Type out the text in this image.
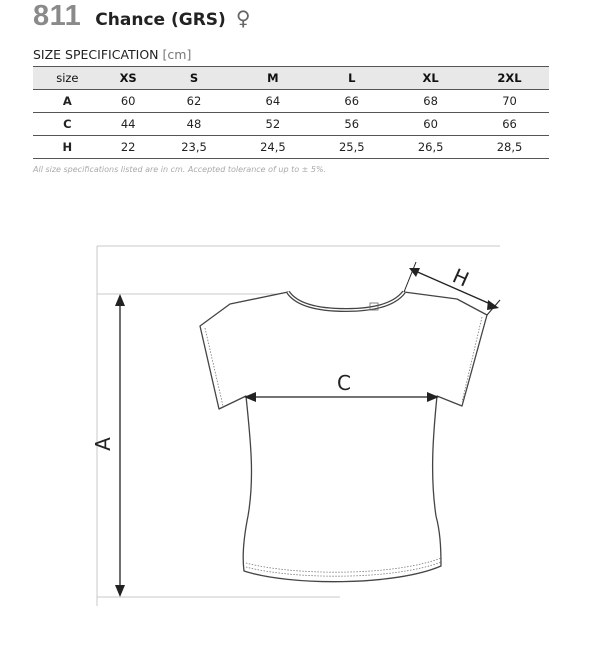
811 Chance (GRS) ♀
SIZE SPECIFICATION [cm]
size	XS	S	M	L	XL	2XL
A	60	62	64	66	68	70
C	44	48	52	56	60	66
H	22	23,5	24,5	25,5	26,5	28,5
All size specifications listed are in cm. Accepted tolerance of up to ± 5%.
A
C
H
